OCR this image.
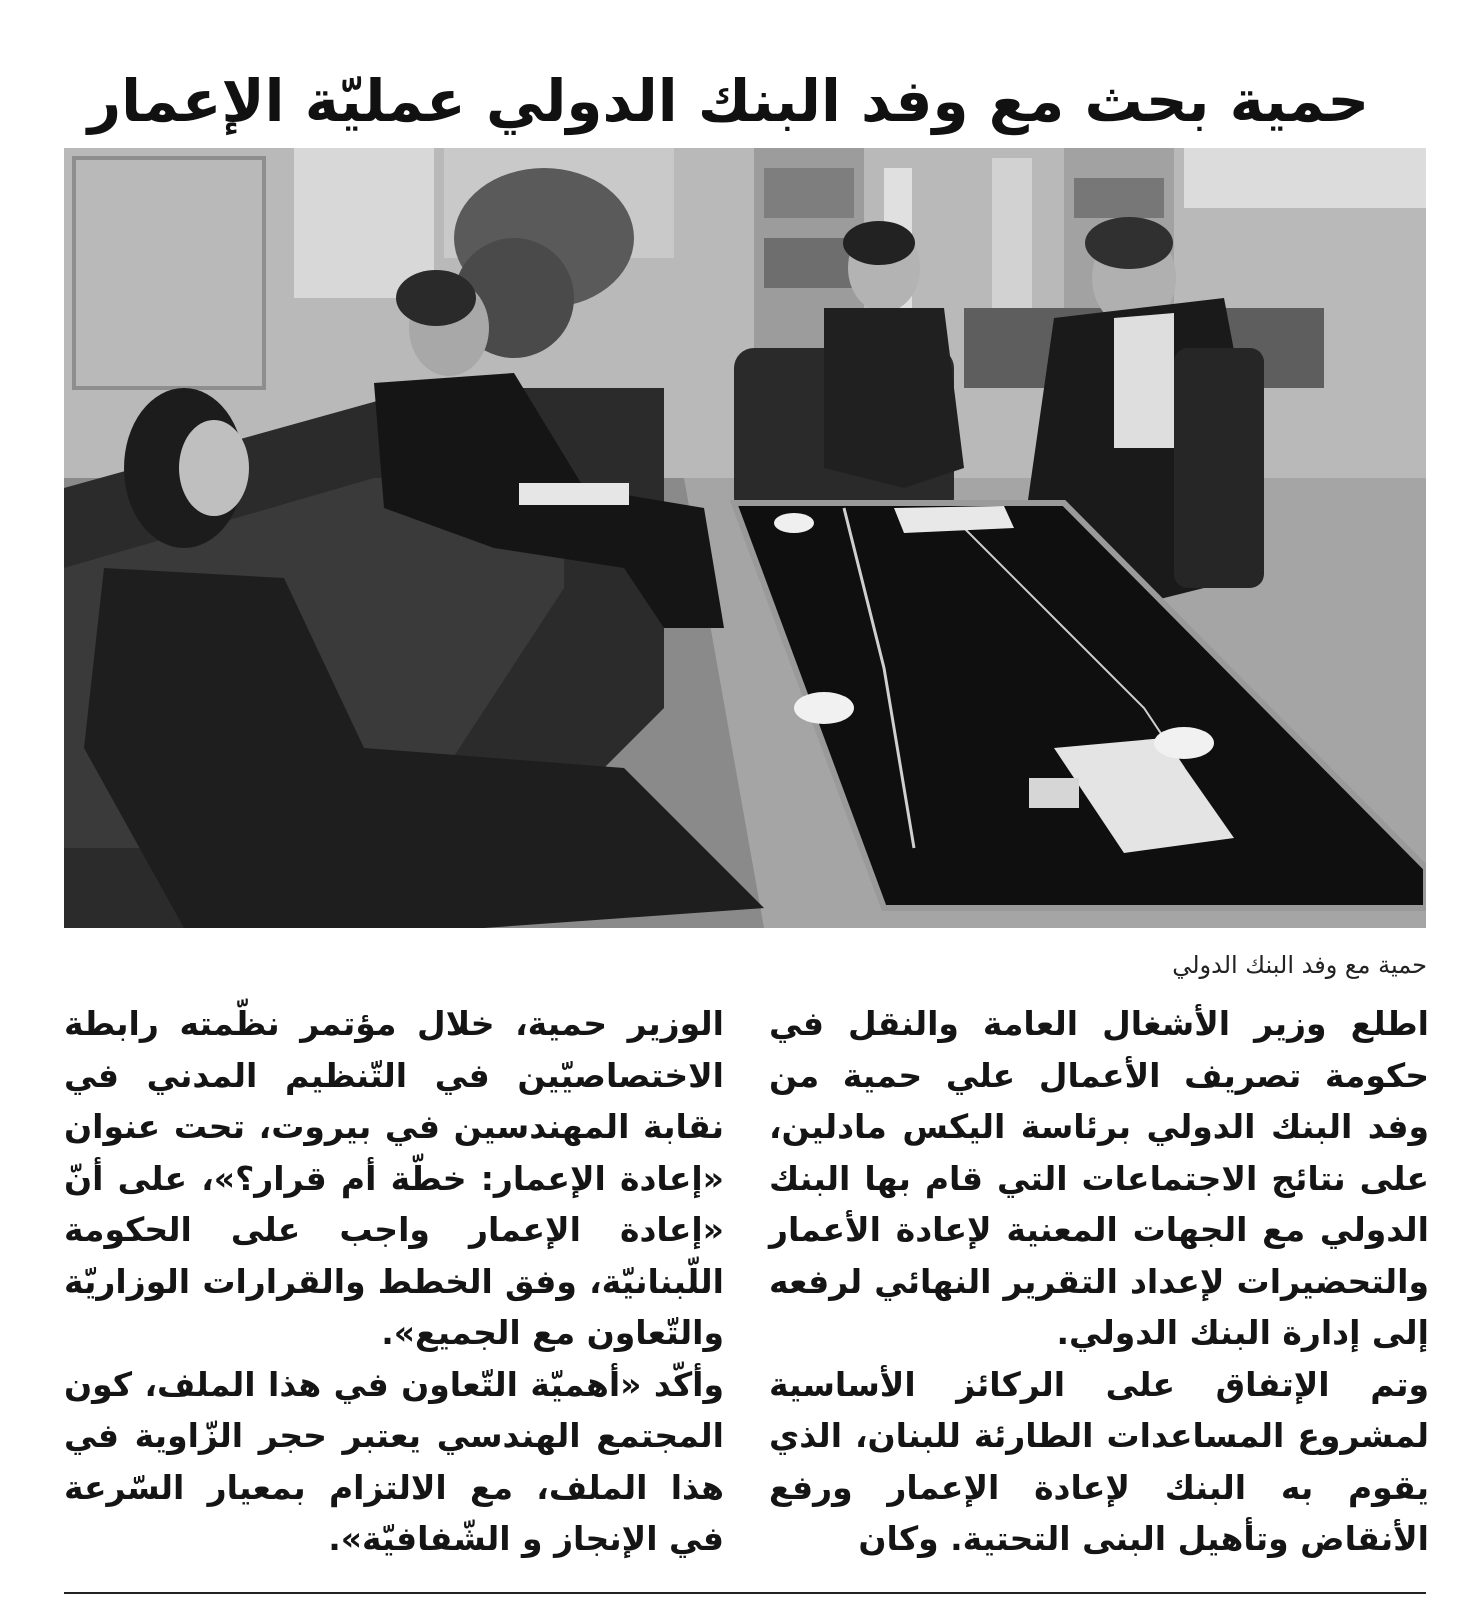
حمية بحث مع وفد البنك الدولي عمليّة الإعمار
حمية مع وفد البنك الدولي

اطلع وزير الأشغال العامة والنقل في حكومة تصريف الأعمال علي حمية من وفد البنك الدولي برئاسة اليكس مادلين، على نتائج الاجتماعات التي قام بها البنك الدولي مع الجهات المعنية لإعادة الأعمار والتحضيرات لإعداد التقرير النهائي لرفعه إلى إدارة البنك الدولي.

وتم الإتفاق على الركائز الأساسية لمشروع المساعدات الطارئة للبنان، الذي يقوم به البنك لإعادة الإعمار ورفع الأنقاض وتأهيل البنى التحتية. وكان

الوزير حمية، خلال مؤتمر نظّمته رابطة الاختصاصيّين في التّنظيم المدني في نقابة المهندسين في بيروت، تحت عنوان «إعادة الإعمار: خطّة أم قرار؟»، على أنّ «إعادة الإعمار واجب على الحكومة اللّبنانيّة، وفق الخطط والقرارات الوزاريّة والتّعاون مع الجميع».

وأكّد «أهميّة التّعاون في هذا الملف، كون المجتمع الهندسي يعتبر حجر الزّاوية في هذا الملف، مع الالتزام بمعيار السّرعة في الإنجاز و الشّفافيّة».
